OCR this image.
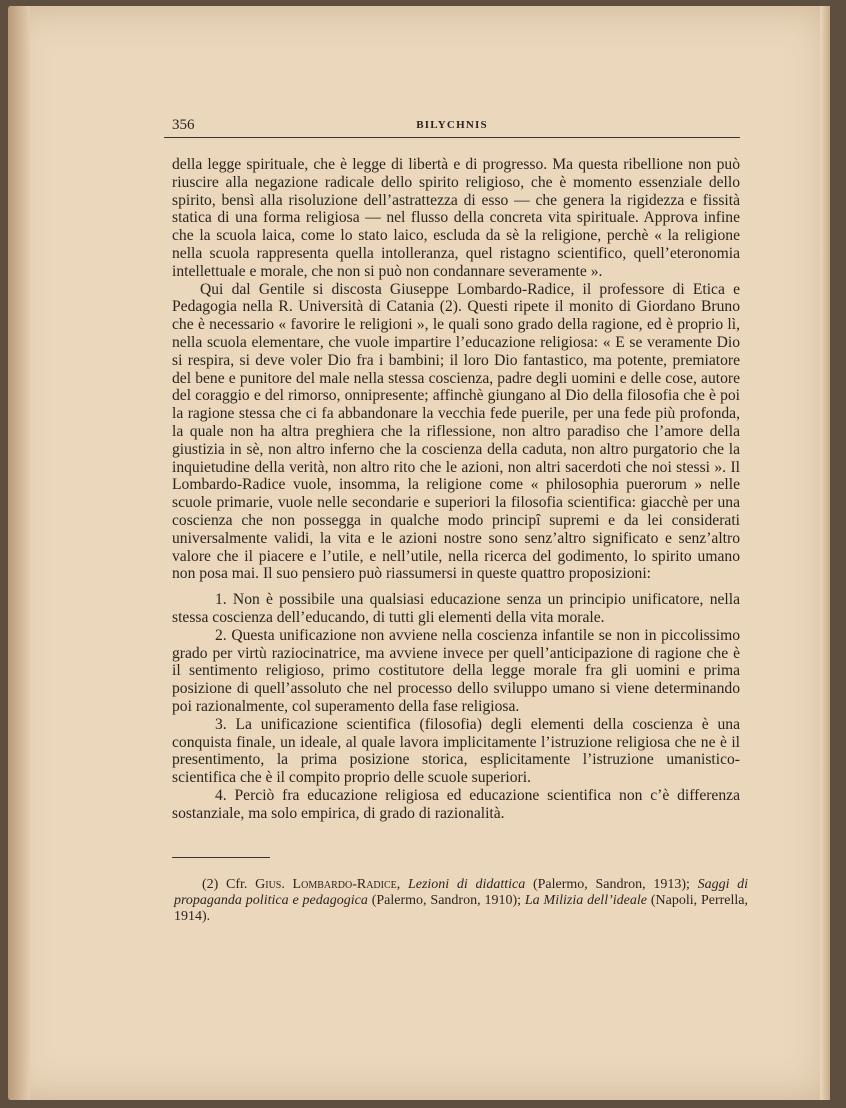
356	BILYCHNIS

della legge spirituale, che è legge di libertà e di progresso. Ma questa ribellione non può riuscire alla negazione radicale dello spirito religioso, che è momento essenziale dello spirito, bensì alla risoluzione dell’astrattezza di esso — che genera la rigidezza e fissità statica di una forma religiosa — nel flusso della concreta vita spirituale. Approva infine che la scuola laica, come lo stato laico, escluda da sè la religione, perchè « la religione nella scuola rappresenta quella intolleranza, quel ristagno scientifico, quell’eteronomia intellettuale e morale, che non si può non condannare severamente ».

Qui dal Gentile si discosta Giuseppe Lombardo-Radice, il professore di Etica e Pedagogia nella R. Università di Catania (2). Questi ripete il monito di Giordano Bruno che è necessario « favorire le religioni », le quali sono grado della ragione, ed è proprio lì, nella scuola elementare, che vuole impartire l’educazione religiosa: « E se veramente Dio si respira, si deve voler Dio fra i bambini; il loro Dio fantastico, ma potente, premiatore del bene e punitore del male nella stessa coscienza, padre degli uomini e delle cose, autore del coraggio e del rimorso, onnipresente; affinchè giungano al Dio della filosofia che è poi la ragione stessa che ci fa abbandonare la vecchia fede puerile, per una fede più profonda, la quale non ha altra preghiera che la riflessione, non altro paradiso che l’amore della giustizia in sè, non altro inferno che la coscienza della caduta, non altro purgatorio che la inquietudine della verità, non altro rito che le azioni, non altri sacerdoti che noi stessi ». Il Lombardo-Radice vuole, insomma, la religione come « philosophia puerorum » nelle scuole primarie, vuole nelle secondarie e superiori la filosofia scientifica: giacchè per una coscienza che non possegga in qualche modo principî supremi e da lei considerati universalmente validi, la vita e le azioni nostre sono senz’altro significato e senz’altro valore che il piacere e l’utile, e nell’utile, nella ricerca del godimento, lo spirito umano non posa mai. Il suo pensiero può riassumersi in queste quattro proposizioni:

1. Non è possibile una qualsiasi educazione senza un principio unificatore, nella stessa coscienza dell’educando, di tutti gli elementi della vita morale.

2. Questa unificazione non avviene nella coscienza infantile se non in piccolissimo grado per virtù raziocinatrice, ma avviene invece per quell’anticipazione di ragione che è il sentimento religioso, primo costitutore della legge morale fra gli uomini e prima posizione di quell’assoluto che nel processo dello sviluppo umano si viene determinando poi razionalmente, col superamento della fase religiosa.

3. La unificazione scientifica (filosofia) degli elementi della coscienza è una conquista finale, un ideale, al quale lavora implicitamente l’istruzione religiosa che ne è il presentimento, la prima posizione storica, esplicitamente l’istruzione umanistico-scientifica che è il compito proprio delle scuole superiori.

4. Perciò fra educazione religiosa ed educazione scientifica non c’è differenza sostanziale, ma solo empirica, di grado di razionalità.

(2) Cfr. Gius. Lombardo-Radice, Lezioni di didattica (Palermo, Sandron, 1913); Saggi di propaganda politica e pedagogica (Palermo, Sandron, 1910); La Milizia dell’ideale (Napoli, Perrella, 1914).
